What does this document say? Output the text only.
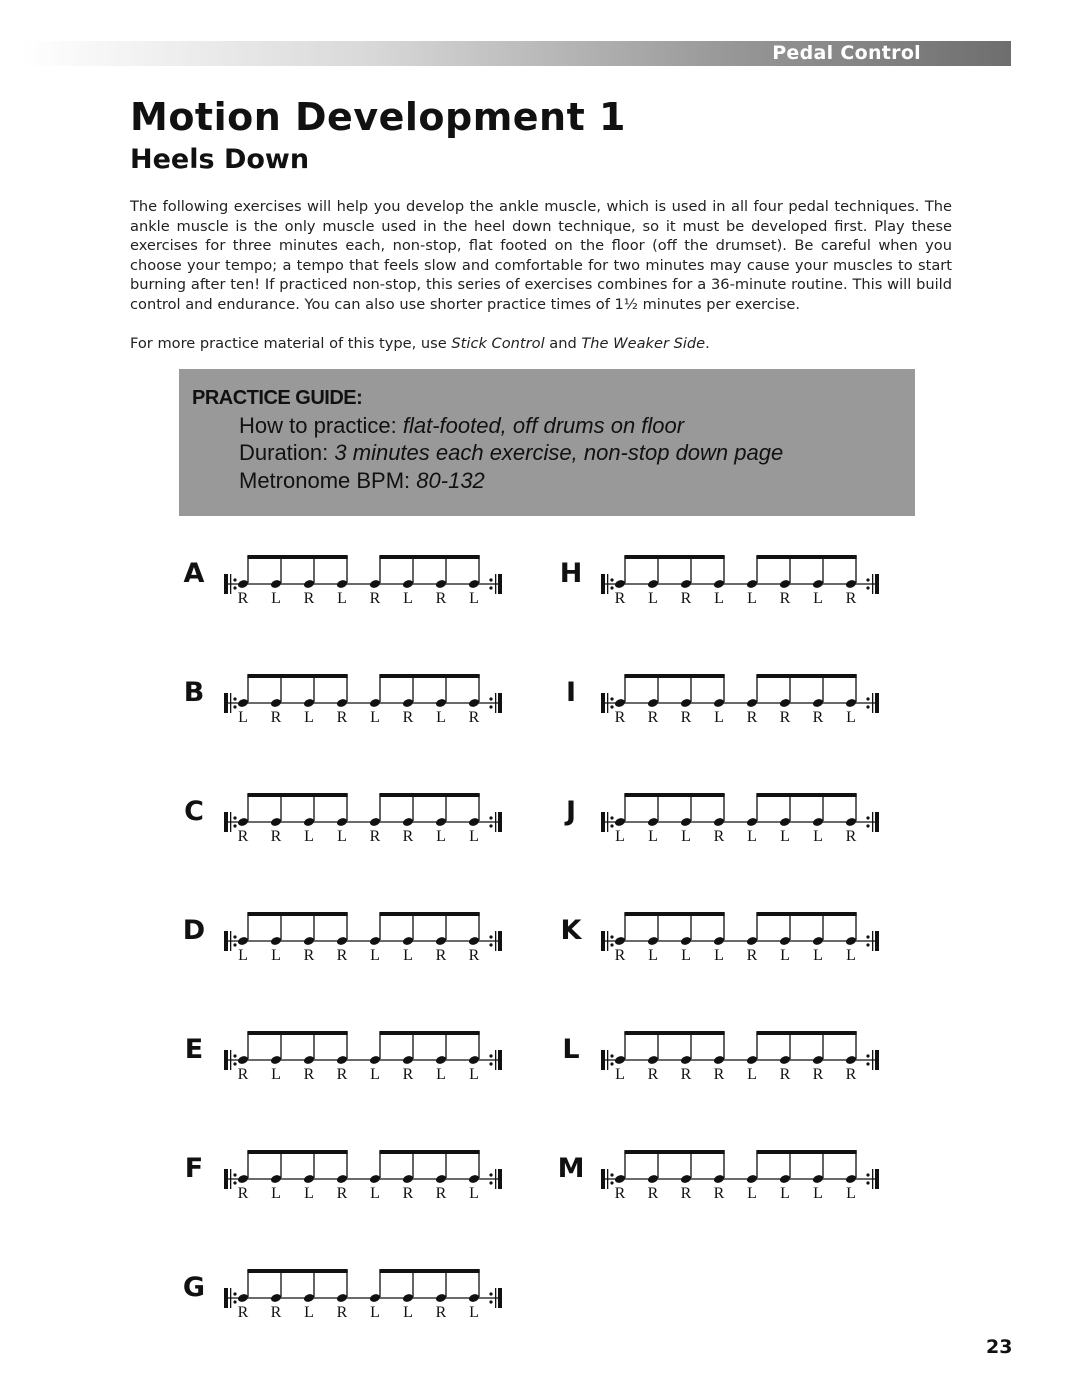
Pedal Control
Motion Development 1
Heels Down

The following exercises will help you develop the ankle muscle, which is used in all four pedal techniques. The ankle muscle is the only muscle used in the heel down technique, so it must be developed first. Play these exercises for three minutes each, non-stop, flat footed on the floor (off the drumset). Be careful when you choose your tempo; a tempo that feels slow and comfortable for two minutes may cause your muscles to start burning after ten! If practiced non-stop, this series of exercises combines for a 36-minute routine. This will build control and endurance. You can also use shorter practice times of 1½ minutes per exercise.

For more practice material of this type, use Stick Control and The Weaker Side.

PRACTICE GUIDE:

How to practice: flat-footed, off drums on floor

Duration: 3 minutes each exercise, non-stop down page

Metronome BPM: 80-132

A
R	L	R	L	R	L	R	L
B
L	R	L	R	L	R	L	R
C
R R	L	L	R R	L	L
D
L	L	R R	L	L	R R
E
R	L	R R	L	R	L	L
F
R	L	L	R	L	R R	L
G
R R	L	R	L	L	R	L
H
R	L	R	L	L	R	L	R
I
R R R	L	R R R	L
J
L	L	L	R	L	L	L	R
K
R	L	L	L	R	L	L	L
L
L	R R R	L	R R R
M
R R R R	L	L	L	L
23
